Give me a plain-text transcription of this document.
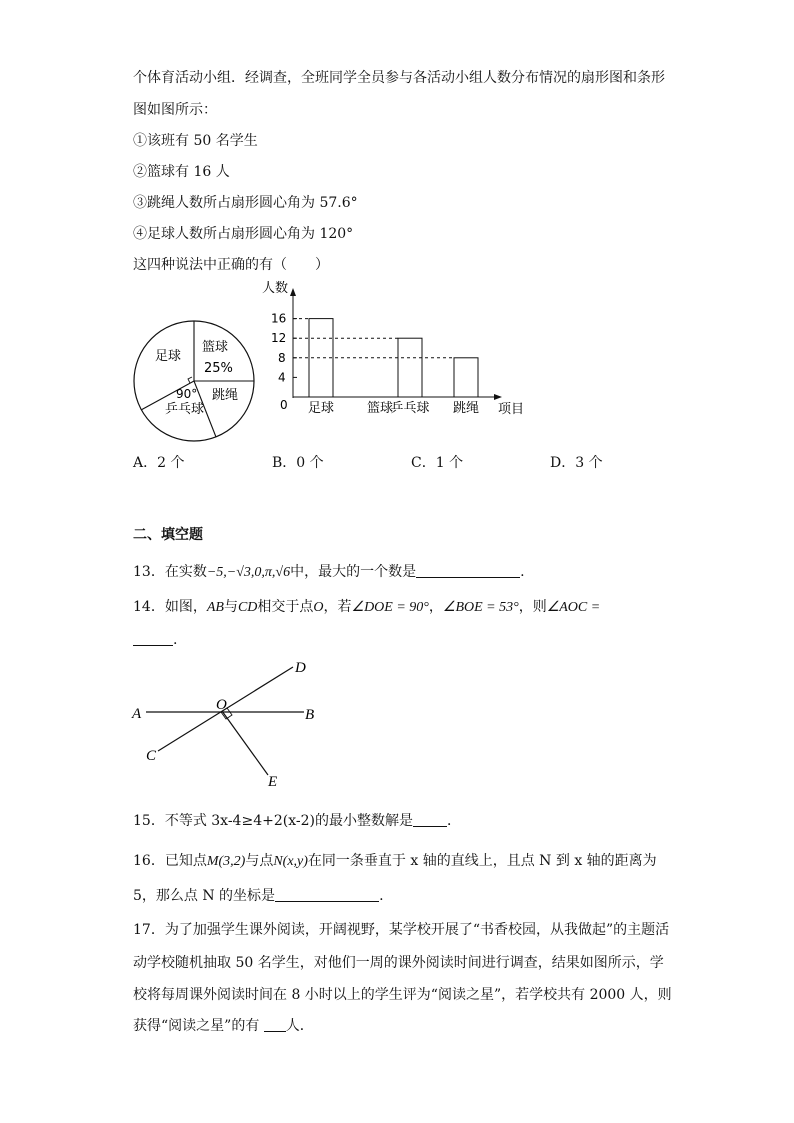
个体育活动小组．经调查，全班同学全员参与各活动小组人数分布情况的扇形图和条形
图如图所示：
①该班有 50 名学生
②篮球有 16 人
③跳绳人数所占扇形圆心角为 57.6°
④足球人数所占扇形圆心角为 120°
这四种说法中正确的有（　　）
足球
篮球
25%
跳绳
90°
乒乓球
人数
项目
0
4
8
12
16
足球	篮球
乒乓球 跳绳
A．2 个	B．0 个	C．1 个	D．3 个
二、填空题
13．在实数−5,−√3,0,π,√6中，最大的一个数是	.
14．如图，AB与CD相交于点O，若∠DOE = 90°，∠BOE = 53°，则∠AOC =
.
A	B
C
D
E
O
15．不等式 3x-4≥4+2(x-2)的最小整数解是 ．
16．已知点M(3,2)与点N(x,y)在同一条垂直于 x 轴的直线上，且点 N 到 x 轴的距离为
5，那么点 N 的坐标是	.
17．为了加强学生课外阅读，开阔视野，某学校开展了“书香校园，从我做起”的主题活
动学校随机抽取 50 名学生，对他们一周的课外阅读时间进行调查，结果如图所示，学
校将每周课外阅读时间在 8 小时以上的学生评为“阅读之星”，若学校共有 2000 人，则
获得“阅读之星”的有 人．
